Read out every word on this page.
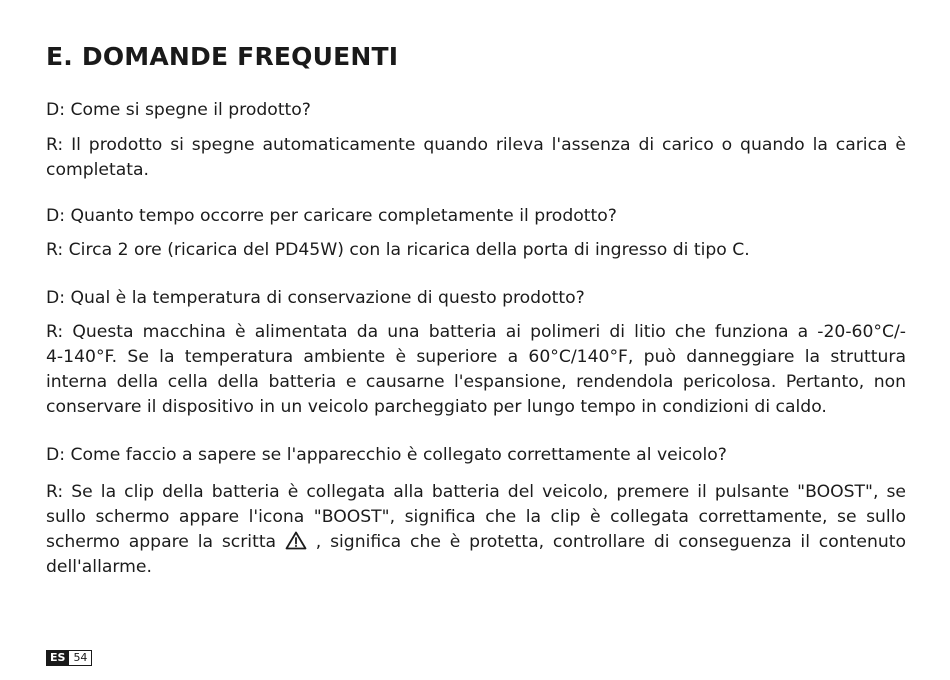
E. DOMANDE FREQUENTI

D: Come si spegne il prodotto?

R: Il prodotto si spegne automaticamente quando rileva l'assenza di carico o quando la carica è
completata.

D: Quanto tempo occorre per caricare completamente il prodotto?

R: Circa 2 ore (ricarica del PD45W) con la ricarica della porta di ingresso di tipo C.

D: Qual è la temperatura di conservazione di questo prodotto?

R: Questa macchina è alimentata da una batteria ai polimeri di litio che funziona a -20-60°C/-
4-140°F. Se la temperatura ambiente è superiore a 60°C/140°F, può danneggiare la struttura
interna della cella della batteria e causarne l'espansione, rendendola pericolosa. Pertanto, non
conservare il dispositivo in un veicolo parcheggiato per lungo tempo in condizioni di caldo.

D: Come faccio a sapere se l'apparecchio è collegato correttamente al veicolo?

R: Se la clip della batteria è collegata alla batteria del veicolo, premere il pulsante "BOOST", se
sullo schermo appare l'icona "BOOST", significa che la clip è collegata correttamente, se sullo
schermo appare la scritta , significa che è protetta, controllare di conseguenza il contenuto
dell'allarme.

ES 54
